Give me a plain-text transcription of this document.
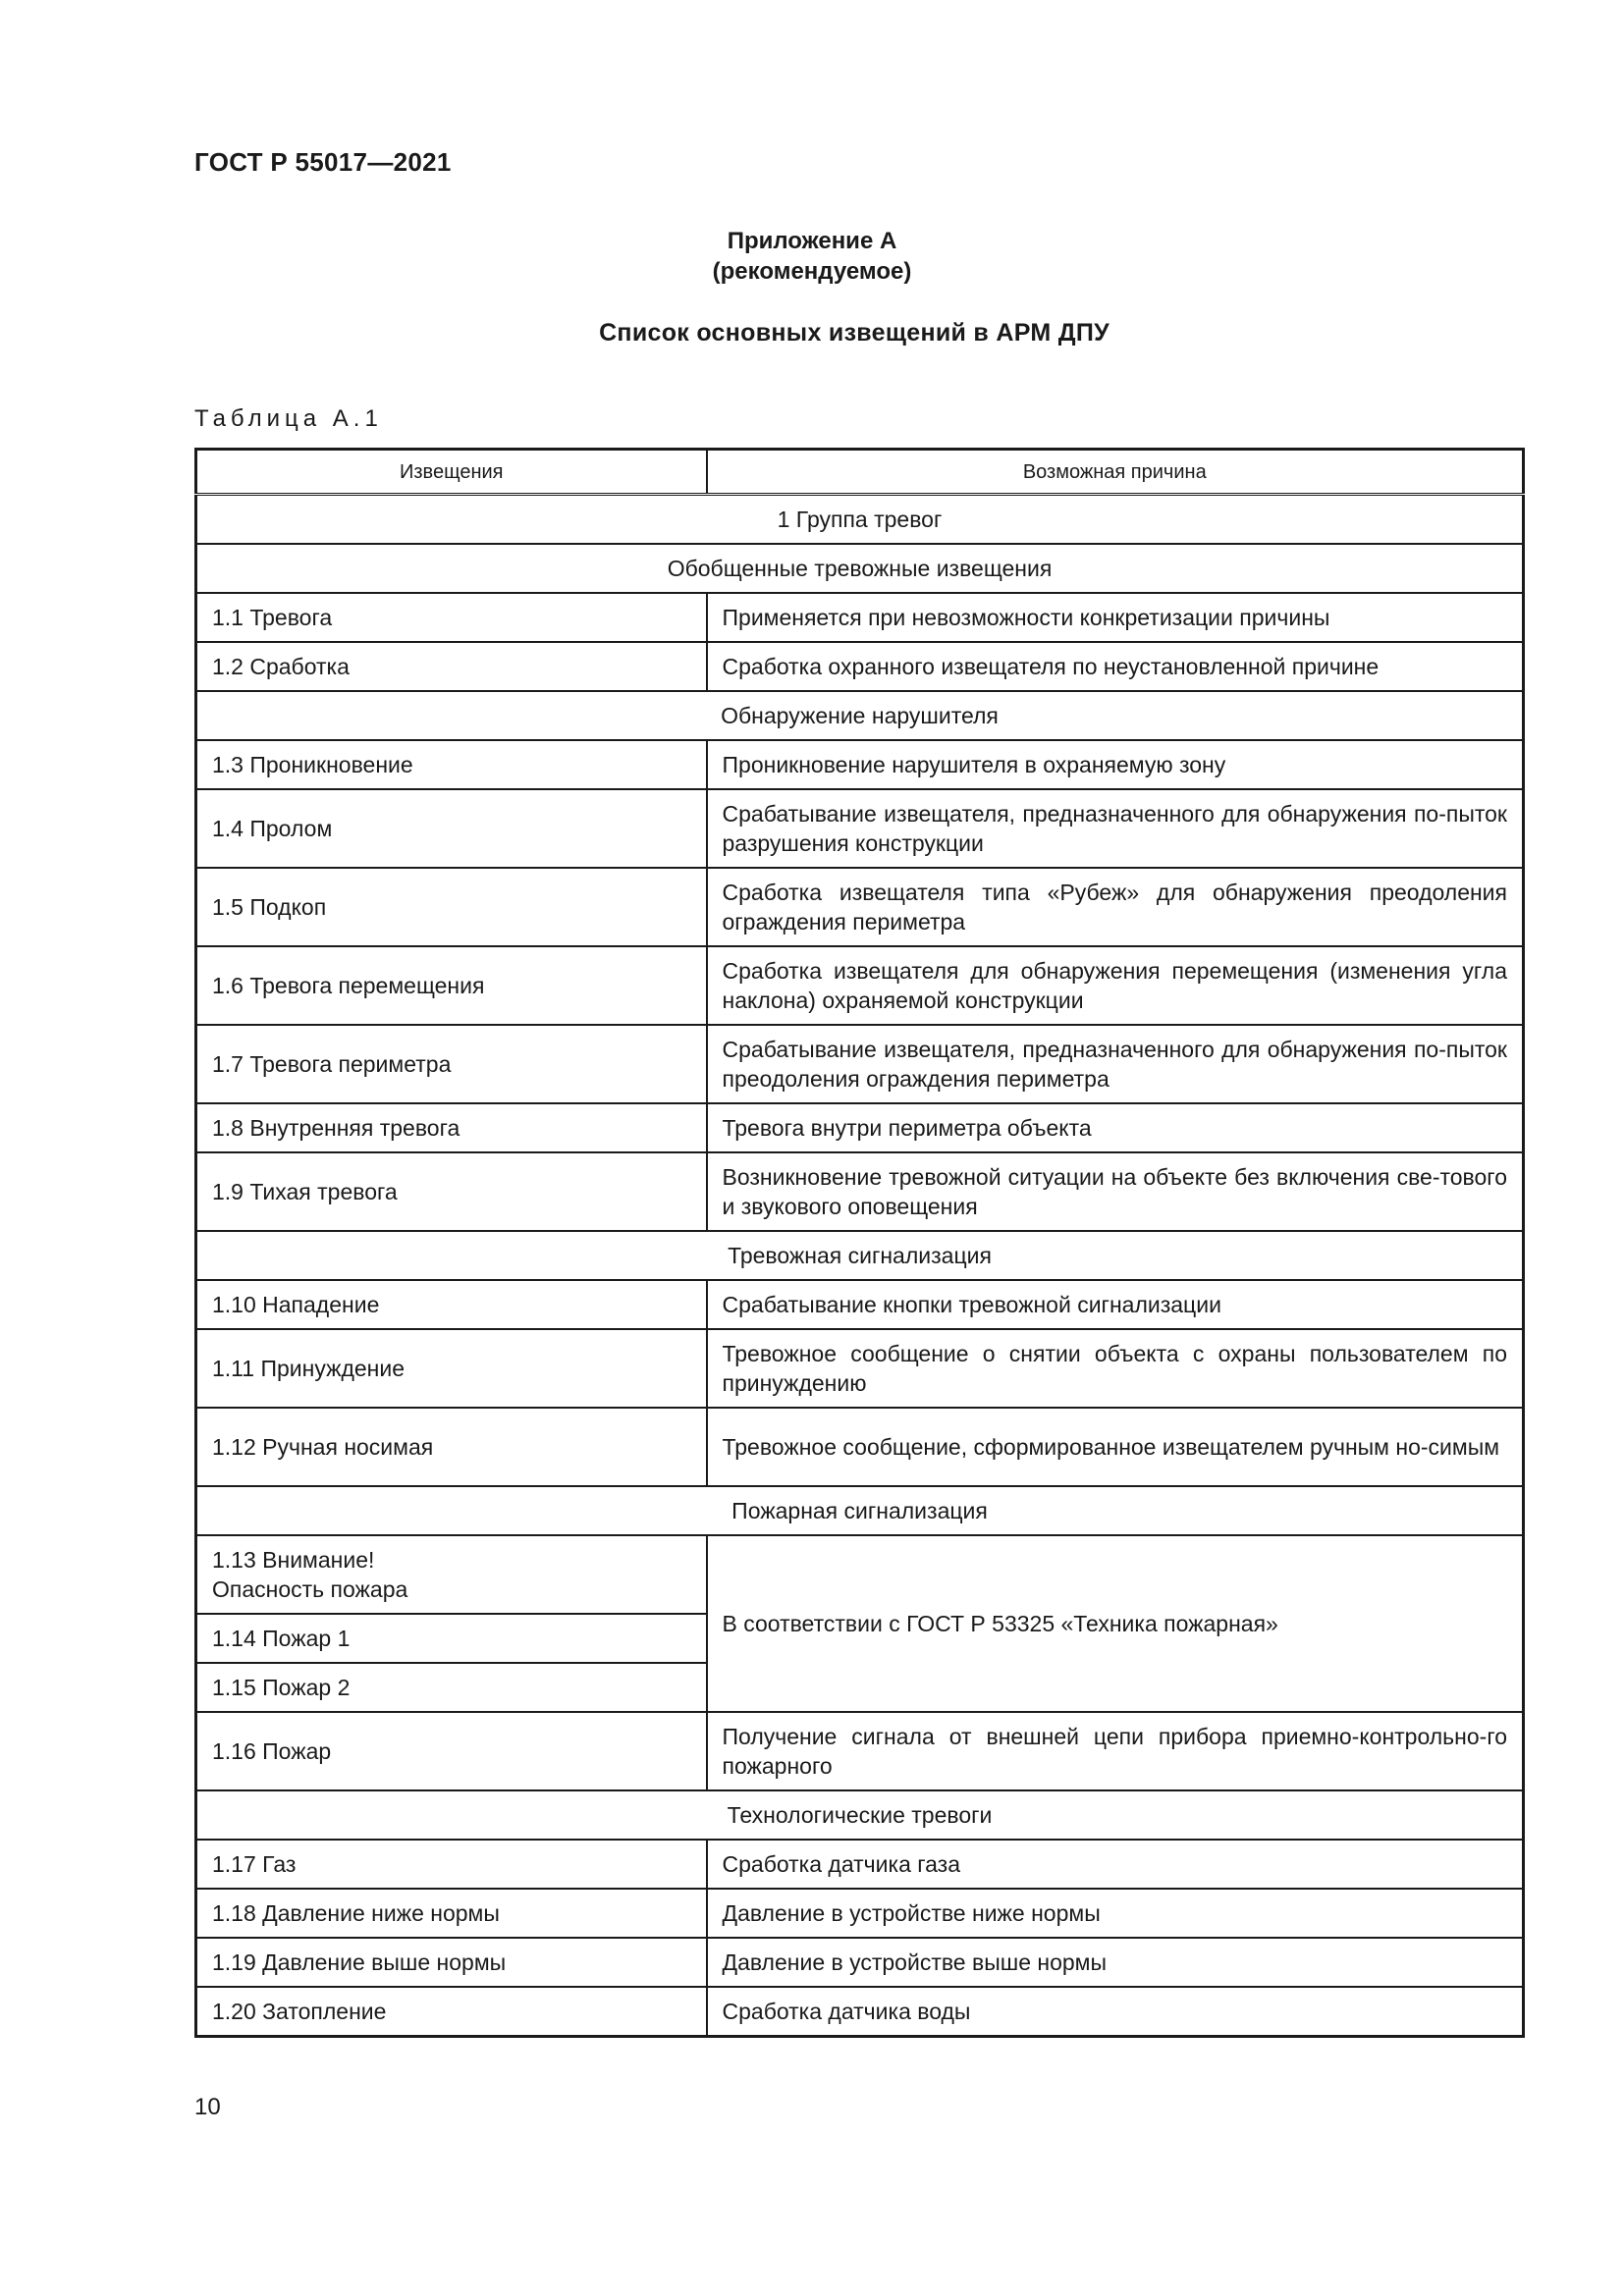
ГОСТ Р 55017—2021
Приложение А
(рекомендуемое)
Список основных извещений в АРМ ДПУ
Таблица А.1
Извещения	Возможная причина
1 Группа тревог	
Обобщенные тревожные извещения	
1.1 Тревога	Применяется при невозможности конкретизации причины
1.2 Сработка	Сработка охранного извещателя по неустановленной причине
Обнаружение нарушителя	
1.3 Проникновение	Проникновение нарушителя в охраняемую зону
1.4 Пролом	Срабатывание извещателя, предназначенного для обнаружения по-пыток разрушения конструкции
1.5 Подкоп	Сработка извещателя типа «Рубеж» для обнаружения преодоления ограждения периметра
1.6 Тревога перемещения	Сработка извещателя для обнаружения перемещения (изменения угла наклона) охраняемой конструкции
1.7 Тревога периметра	Срабатывание извещателя, предназначенного для обнаружения по-пыток преодоления ограждения периметра
1.8 Внутренняя тревога	Тревога внутри периметра объекта
1.9 Тихая тревога	Возникновение тревожной ситуации на объекте без включения све-тового и звукового оповещения
Тревожная сигнализация	
1.10 Нападение	Срабатывание кнопки тревожной сигнализации
1.11 Принуждение	Тревожное сообщение о снятии объекта с охраны пользователем по принуждению
1.12 Ручная носимая	Тревожное сообщение, сформированное извещателем ручным но-симым
Пожарная сигнализация	
1.13 Внимание!
Опасность пожара	В соответствии с ГОСТ Р 53325 «Техника пожарная»
1.14 Пожар 1	
1.15 Пожар 2	
1.16 Пожар	Получение сигнала от внешней цепи прибора приемно-контрольно-го пожарного
Технологические тревоги	
1.17 Газ	Сработка датчика газа
1.18 Давление ниже нормы	Давление в устройстве ниже нормы
1.19 Давление выше нормы	Давление в устройстве выше нормы
1.20 Затопление	Сработка датчика воды
10
